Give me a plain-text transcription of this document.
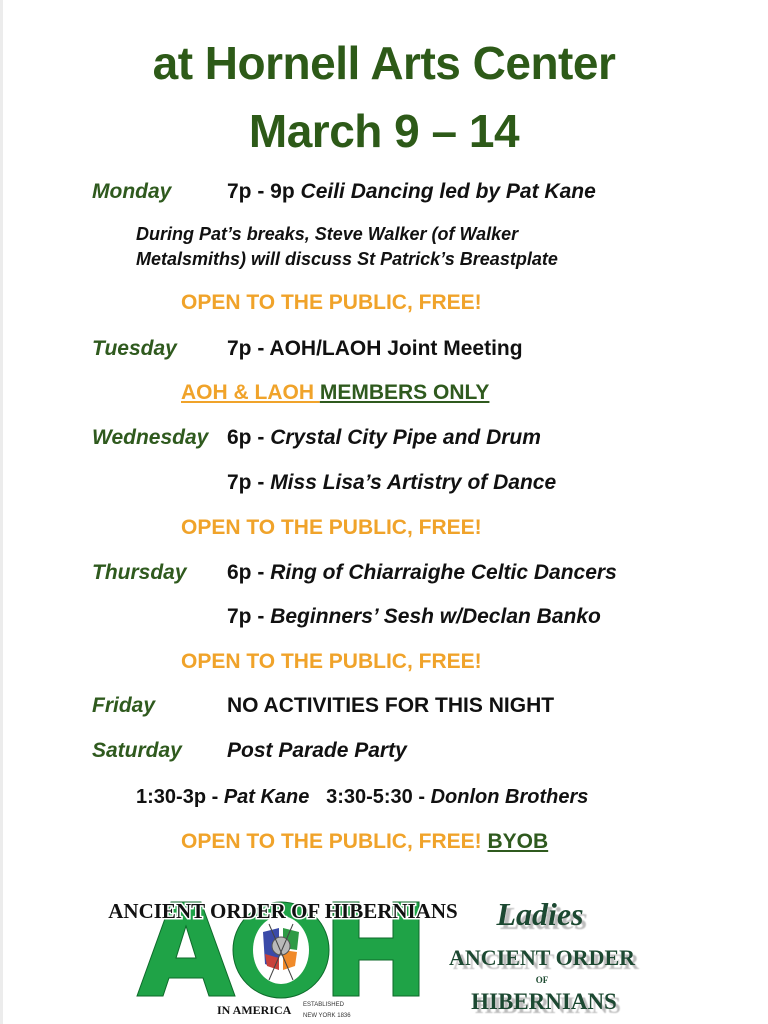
at Hornell Arts Center
March 9 – 14
Monday	7p - 9p Ceili Dancing led by Pat Kane
During Pat’s breaks, Steve Walker (of Walker
Metalsmiths) will discuss St Patrick’s Breastplate
OPEN TO THE PUBLIC, FREE!
Tuesday 7p - AOH/LAOH Joint Meeting
AOH & LAOH MEMBERS ONLY
Wednesday 6p - Crystal City Pipe and Drum
7p - Miss Lisa’s Artistry of Dance
OPEN TO THE PUBLIC, FREE!
Thursday 6p - Ring of Chiarraighe Celtic Dancers
7p - Beginners’ Sesh w/Declan Banko
OPEN TO THE PUBLIC, FREE!
Friday	NO ACTIVITIES FOR THIS NIGHT
Saturday Post Parade Party
1:30-3p - Pat Kane 3:30-5:30 - Donlon Brothers
OPEN TO THE PUBLIC, FREE! BYOB
ANCIENT ORDER OF HIBERNIANS
IN AMERICA ESTABLISHED
NEW YORK 1836
Ladies
ANCIENT ORDER
OF
HIBERNIANS
